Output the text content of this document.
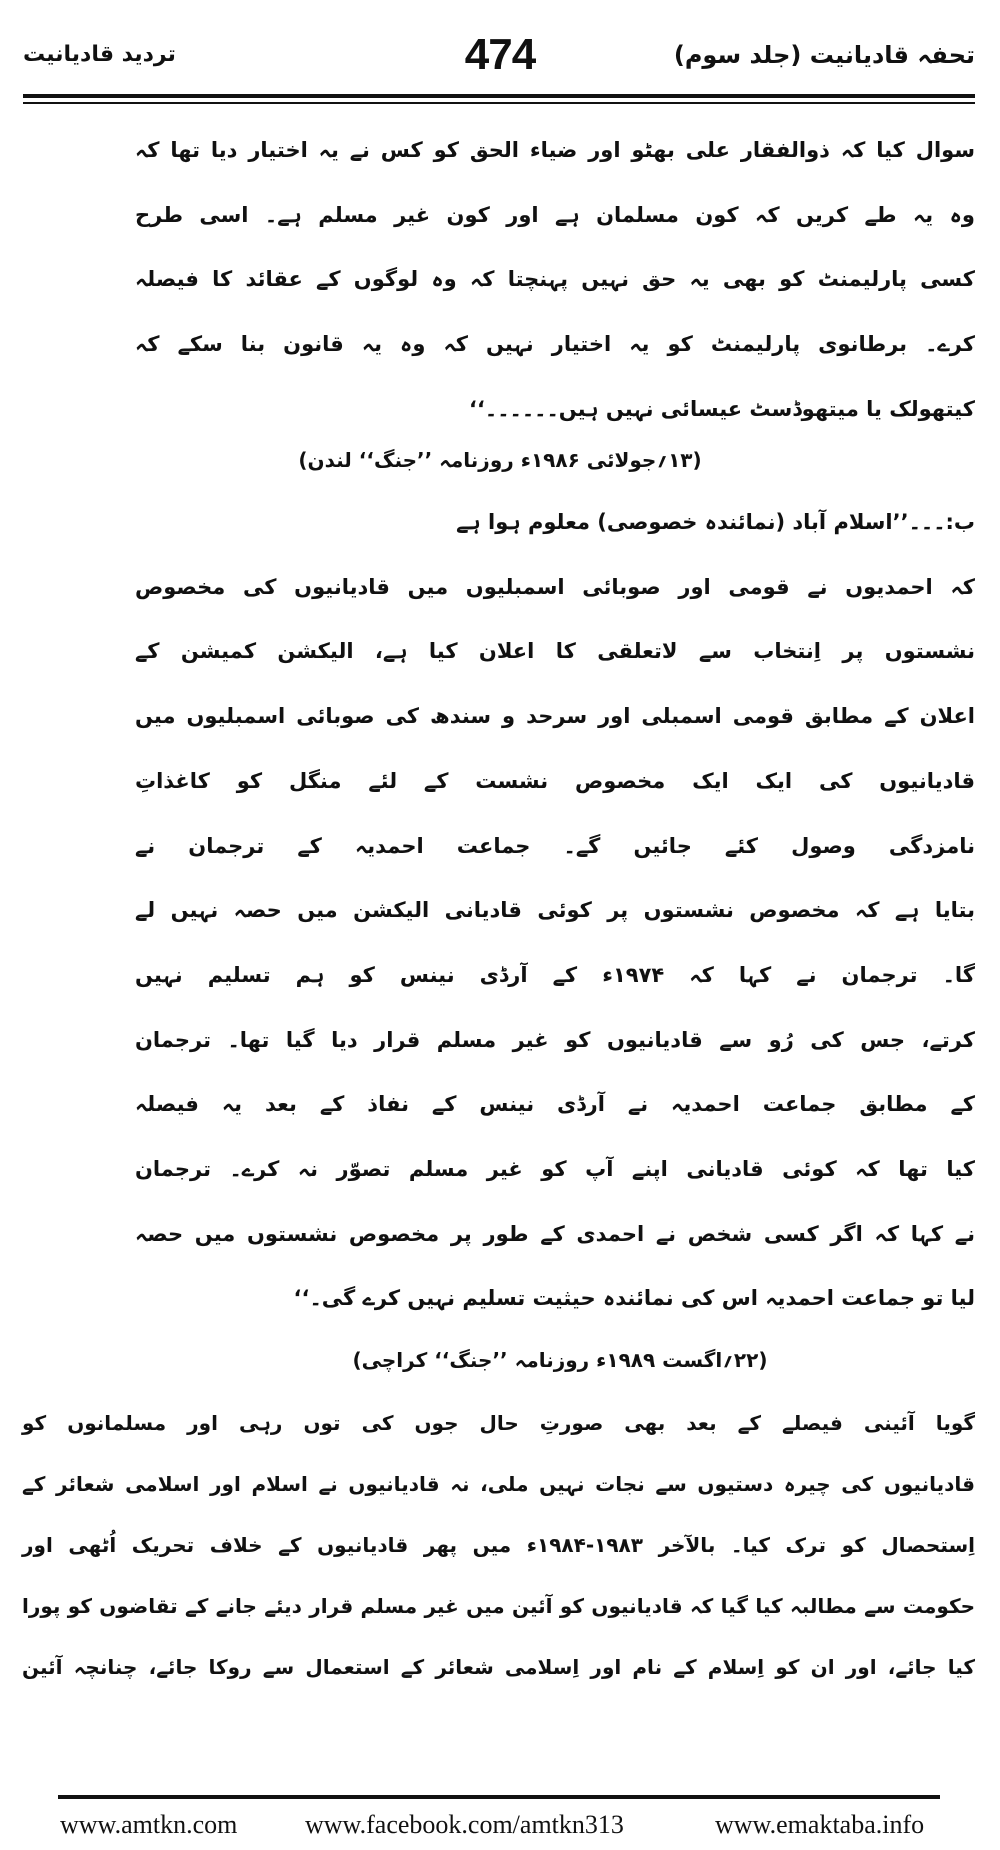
تحفہ قادیانیت (جلد سوم)
474
تردید قادیانیت
سوال کیا کہ ذوالفقار علی بھٹو اور ضیاء الحق کو کس نے یہ اختیار دیا تھا کہ
وہ یہ طے کریں کہ کون مسلمان ہے اور کون غیر مسلم ہے۔ اسی طرح
کسی پارلیمنٹ کو بھی یہ حق نہیں پہنچتا کہ وہ لوگوں کے عقائد کا فیصلہ
کرے۔ برطانوی پارلیمنٹ کو یہ اختیار نہیں کہ وہ یہ قانون بنا سکے کہ
کیتھولک یا میتھوڈسٹ عیسائی نہیں ہیں۔۔۔۔۔۔‘‘
(۱۳؍جولائی ۱۹۸۶ء روزنامہ ’’جنگ‘‘ لندن)
ب:۔۔۔’’اسلام آباد (نمائندہ خصوصی) معلوم ہوا ہے
کہ احمدیوں نے قومی اور صوبائی اسمبلیوں میں قادیانیوں کی مخصوص
نشستوں پر اِنتخاب سے لاتعلقی کا اعلان کیا ہے، الیکشن کمیشن کے
اعلان کے مطابق قومی اسمبلی اور سرحد و سندھ کی صوبائی اسمبلیوں میں
قادیانیوں کی ایک ایک مخصوص نشست کے لئے منگل کو کاغذاتِ
نامزدگی وصول کئے جائیں گے۔ جماعت احمدیہ کے ترجمان نے
بتایا ہے کہ مخصوص نشستوں پر کوئی قادیانی الیکشن میں حصہ نہیں لے
گا۔ ترجمان نے کہا کہ ۱۹۷۴ء کے آرڈی نینس کو ہم تسلیم نہیں
کرتے، جس کی رُو سے قادیانیوں کو غیر مسلم قرار دیا گیا تھا۔ ترجمان
کے مطابق جماعت احمدیہ نے آرڈی نینس کے نفاذ کے بعد یہ فیصلہ
کیا تھا کہ کوئی قادیانی اپنے آپ کو غیر مسلم تصوّر نہ کرے۔ ترجمان
نے کہا کہ اگر کسی شخص نے احمدی کے طور پر مخصوص نشستوں میں حصہ
لیا تو جماعت احمدیہ اس کی نمائندہ حیثیت تسلیم نہیں کرے گی۔‘‘
(۲۲؍اگست ۱۹۸۹ء روزنامہ ’’جنگ‘‘ کراچی)
گویا آئینی فیصلے کے بعد بھی صورتِ حال جوں کی توں رہی اور مسلمانوں کو
قادیانیوں کی چیرہ دستیوں سے نجات نہیں ملی، نہ قادیانیوں نے اسلام اور اسلامی شعائر کے
اِستحصال کو ترک کیا۔ بالآخر ۱۹۸۳-۱۹۸۴ء میں پھر قادیانیوں کے خلاف تحریک اُٹھی اور
حکومت سے مطالبہ کیا گیا کہ قادیانیوں کو آئین میں غیر مسلم قرار دیئے جانے کے تقاضوں کو پورا
کیا جائے، اور ان کو اِسلام کے نام اور اِسلامی شعائر کے استعمال سے روکا جائے، چنانچہ آئین
www.amtkn.com	www.facebook.com/amtkn313	www.emaktaba.info
